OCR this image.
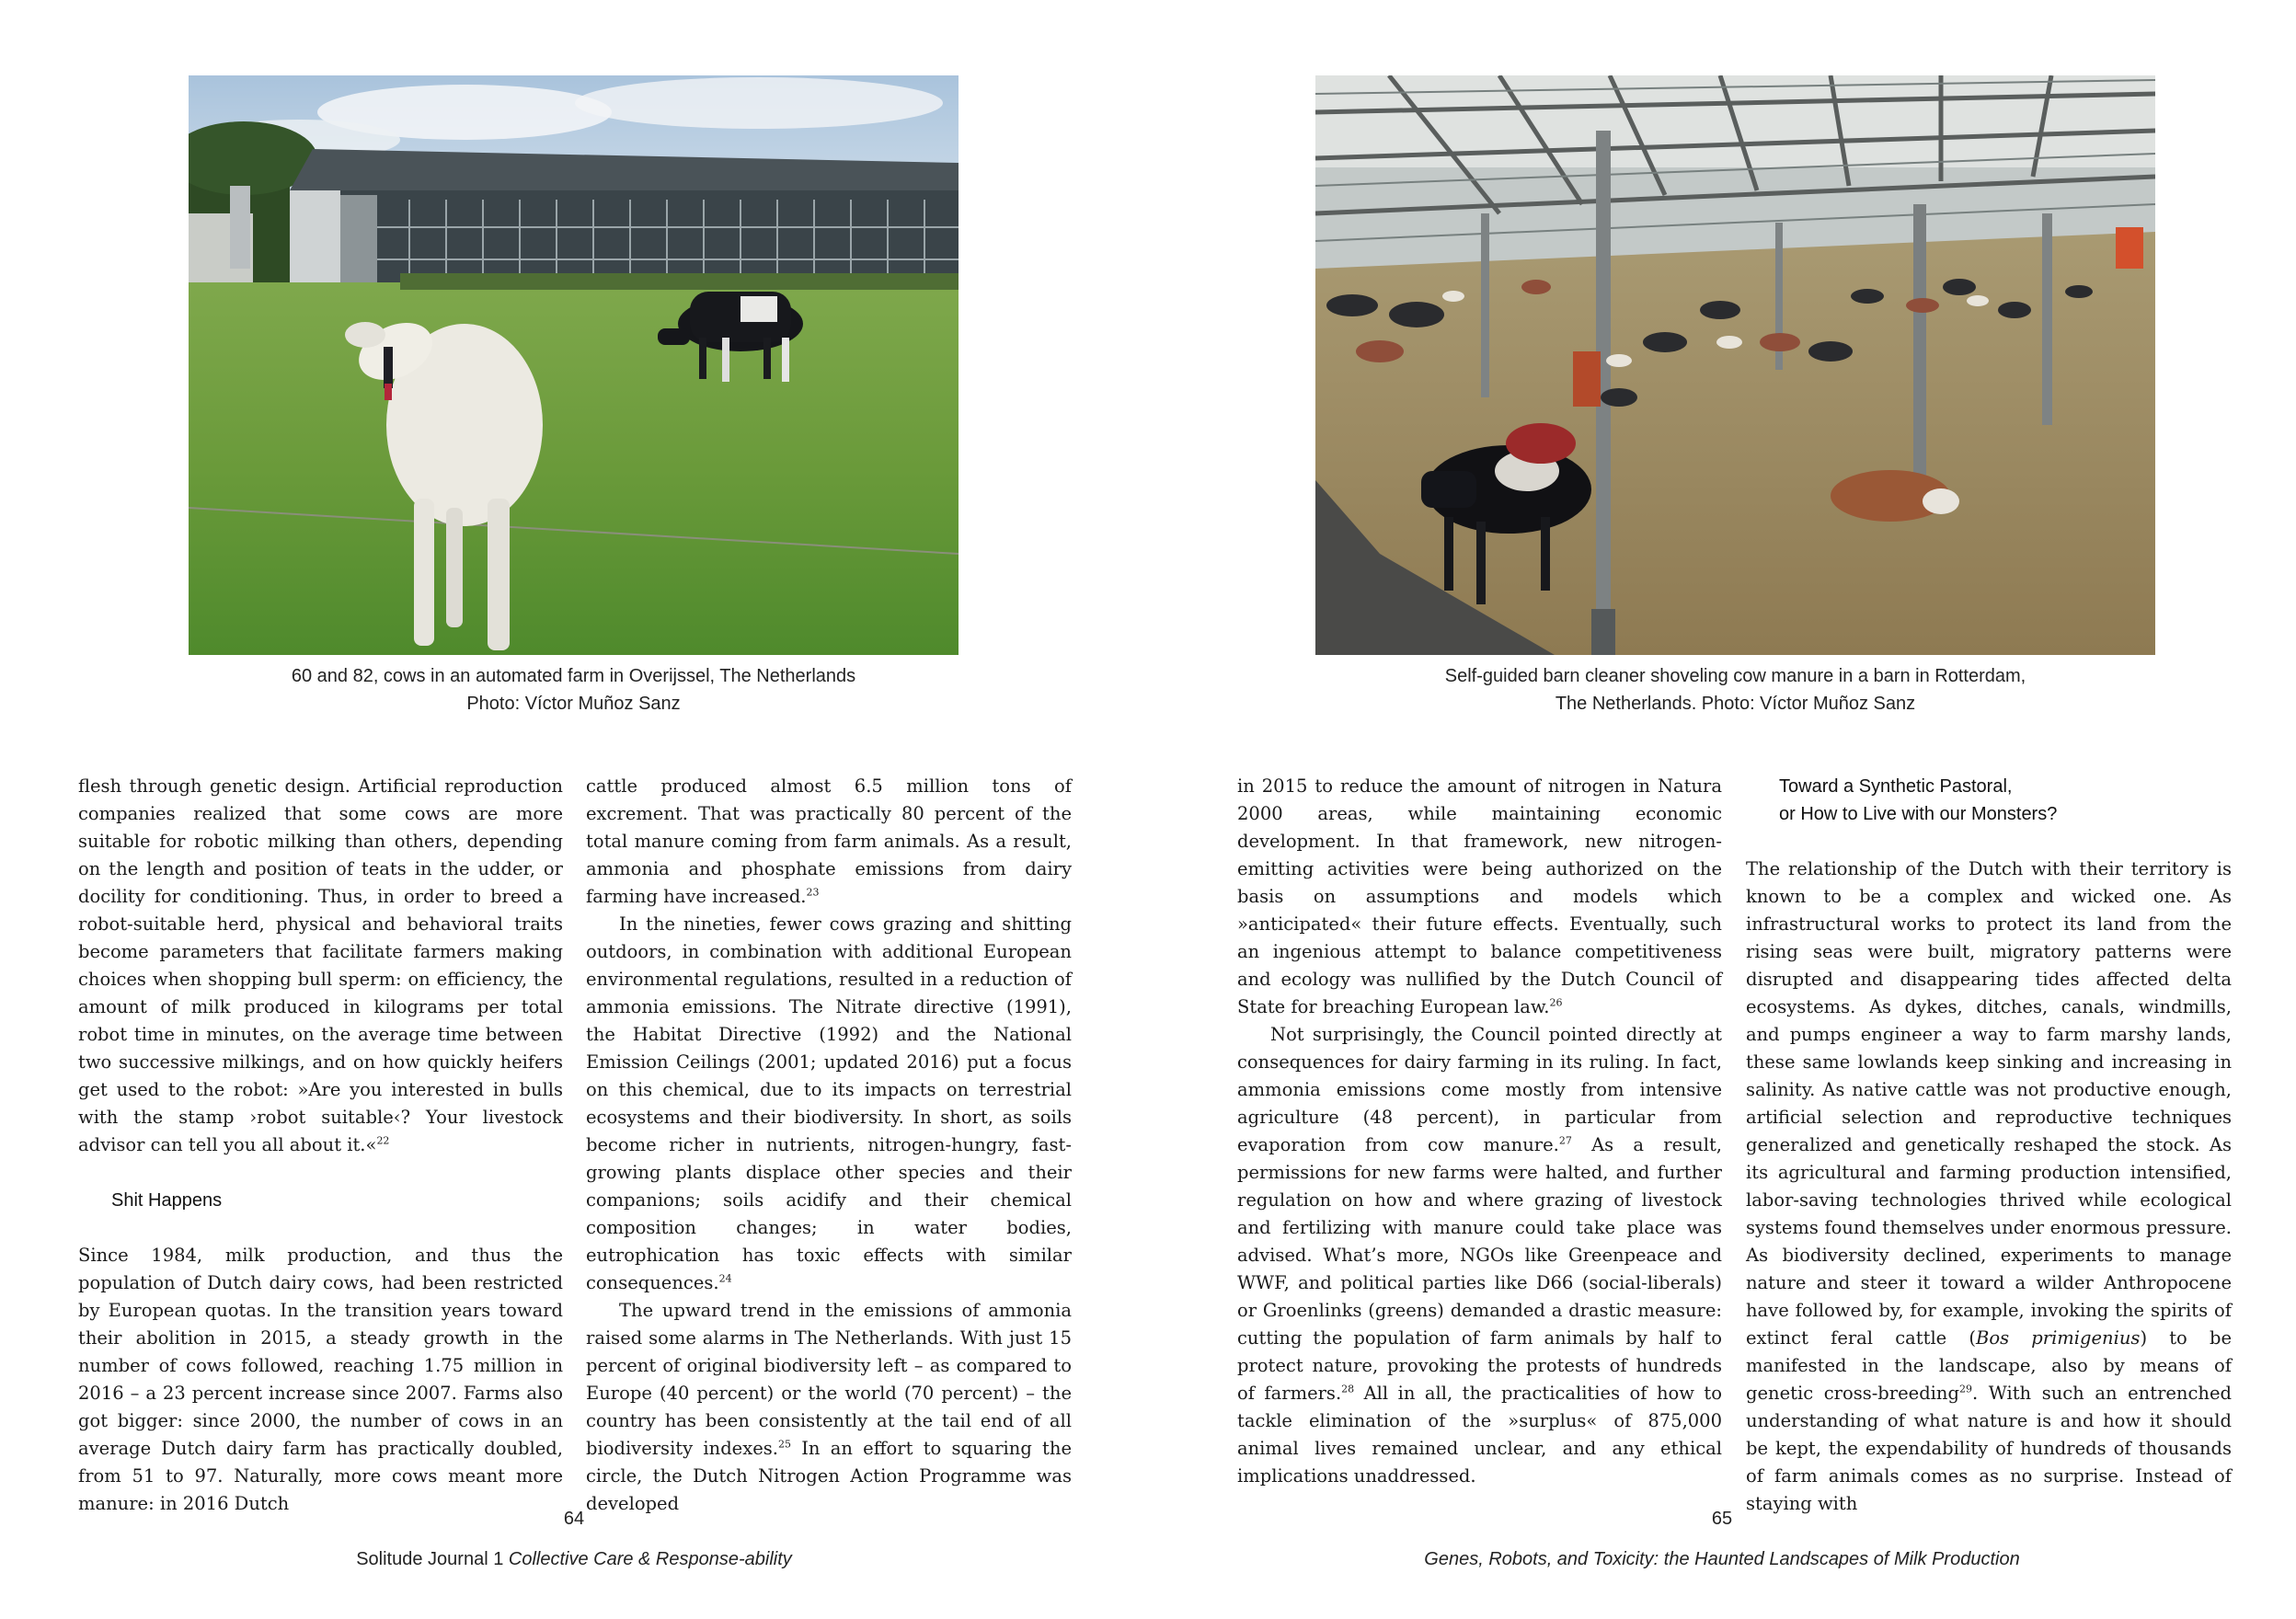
60 and 82, cows in an automated farm in Overijssel, The Netherlands
Photo: Víctor Muñoz Sanz

flesh through genetic design. Artificial reproduction companies realized that some cows are more suitable for robotic milking than others, depending on the length and position of teats in the udder, or docility for conditioning. Thus, in order to breed a robot-suitable herd, physical and behavioral traits become parameters that facilitate farmers making choices when shopping bull sperm: on efficiency, the amount of milk produced in kilograms per total robot time in minutes, on the average time between two successive milkings, and on how quickly heifers get used to the robot: »Are you interested in bulls with the stamp ›robot suitable‹? Your livestock advisor can tell you all about it.«$^{22}$

Shit Happens

Since 1984, milk production, and thus the population of Dutch dairy cows, had been restricted by European quotas. In the transition years toward their abolition in 2015, a steady growth in the number of cows followed, reaching 1.75 million in 2016 – a 23 percent increase since 2007. Farms also got bigger: since 2000, the number of cows in an average Dutch dairy farm has practically doubled, from 51 to 97. Naturally, more cows meant more manure: in 2016 Dutch

cattle produced almost 6.5 million tons of excrement. That was practically 80 percent of the total manure coming from farm animals. As a result, ammonia and phosphate emissions from dairy farming have increased.$^{23}$

In the nineties, fewer cows grazing and shitting outdoors, in combination with additional European environmental regulations, resulted in a reduction of ammonia emissions. The Nitrate directive (1991), the Habitat Directive (1992) and the National Emission Ceilings (2001; updated 2016) put a focus on this chemical, due to its impacts on terrestrial ecosystems and their biodiversity. In short, as soils become richer in nutrients, nitrogen-hungry, fast-growing plants displace other species and their companions; soils acidify and their chemical composition changes; in water bodies, eutrophication has toxic effects with similar consequences.$^{24}$

The upward trend in the emissions of ammonia raised some alarms in The Netherlands. With just 15 percent of original biodiversity left – as compared to Europe (40 percent) or the world (70 percent) – the country has been consistently at the tail end of all biodiversity indexes.$^{25}$ In an effort to squaring the circle, the Dutch Nitrogen Action Programme was developed

64
Solitude Journal 1 Collective Care & Response-ability
Self-guided barn cleaner shoveling cow manure in a barn in Rotterdam,
The Netherlands. Photo: Víctor Muñoz Sanz

in 2015 to reduce the amount of nitrogen in Natura 2000 areas, while maintaining economic development. In that framework, new nitrogen-emitting activities were being authorized on the basis on assumptions and models which »anticipated« their future effects. Eventually, such an ingenious attempt to balance competitiveness and ecology was nullified by the Dutch Council of State for breaching European law.$^{26}$

Not surprisingly, the Council pointed directly at consequences for dairy farming in its ruling. In fact, ammonia emissions come mostly from intensive agriculture (48 percent), in particular from evaporation from cow manure.$^{27}$ As a result, permissions for new farms were halted, and further regulation on how and where grazing of livestock and fertilizing with manure could take place was advised. What’s more, NGOs like Greenpeace and WWF, and political parties like D66 (social-liberals) or Groenlinks (greens) demanded a drastic measure: cutting the population of farm animals by half to protect nature, provoking the protests of hundreds of farmers.$^{28}$ All in all, the practicalities of how to tackle elimination of the »surplus« of 875,000 animal lives remained unclear, and any ethical implications unaddressed.

Toward a Synthetic Pastoral,

or How to Live with our Monsters?

The relationship of the Dutch with their territory is known to be a complex and wicked one. As infrastructural works to protect its land from the rising seas were built, migratory patterns were disrupted and disappearing tides affected delta ecosystems. As dykes, ditches, canals, windmills, and pumps engineer a way to farm marshy lands, these same lowlands keep sinking and increasing in salinity. As native cattle was not productive enough, artificial selection and reproductive techniques generalized and genetically reshaped the stock. As its agricultural and farming production intensified, labor-saving technologies thrived while ecological systems found themselves under enormous pressure. As biodiversity declined, experiments to manage nature and steer it toward a wilder Anthropocene have followed by, for example, invoking the spirits of extinct feral cattle (Bos primigenius) to be manifested in the landscape, also by means of genetic cross-breeding$^{29}$. With such an entrenched understanding of what nature is and how it should be kept, the expendability of hundreds of thousands of farm animals comes as no surprise. Instead of staying with

65
Genes, Robots, and Toxicity: the Haunted Landscapes of Milk Production
